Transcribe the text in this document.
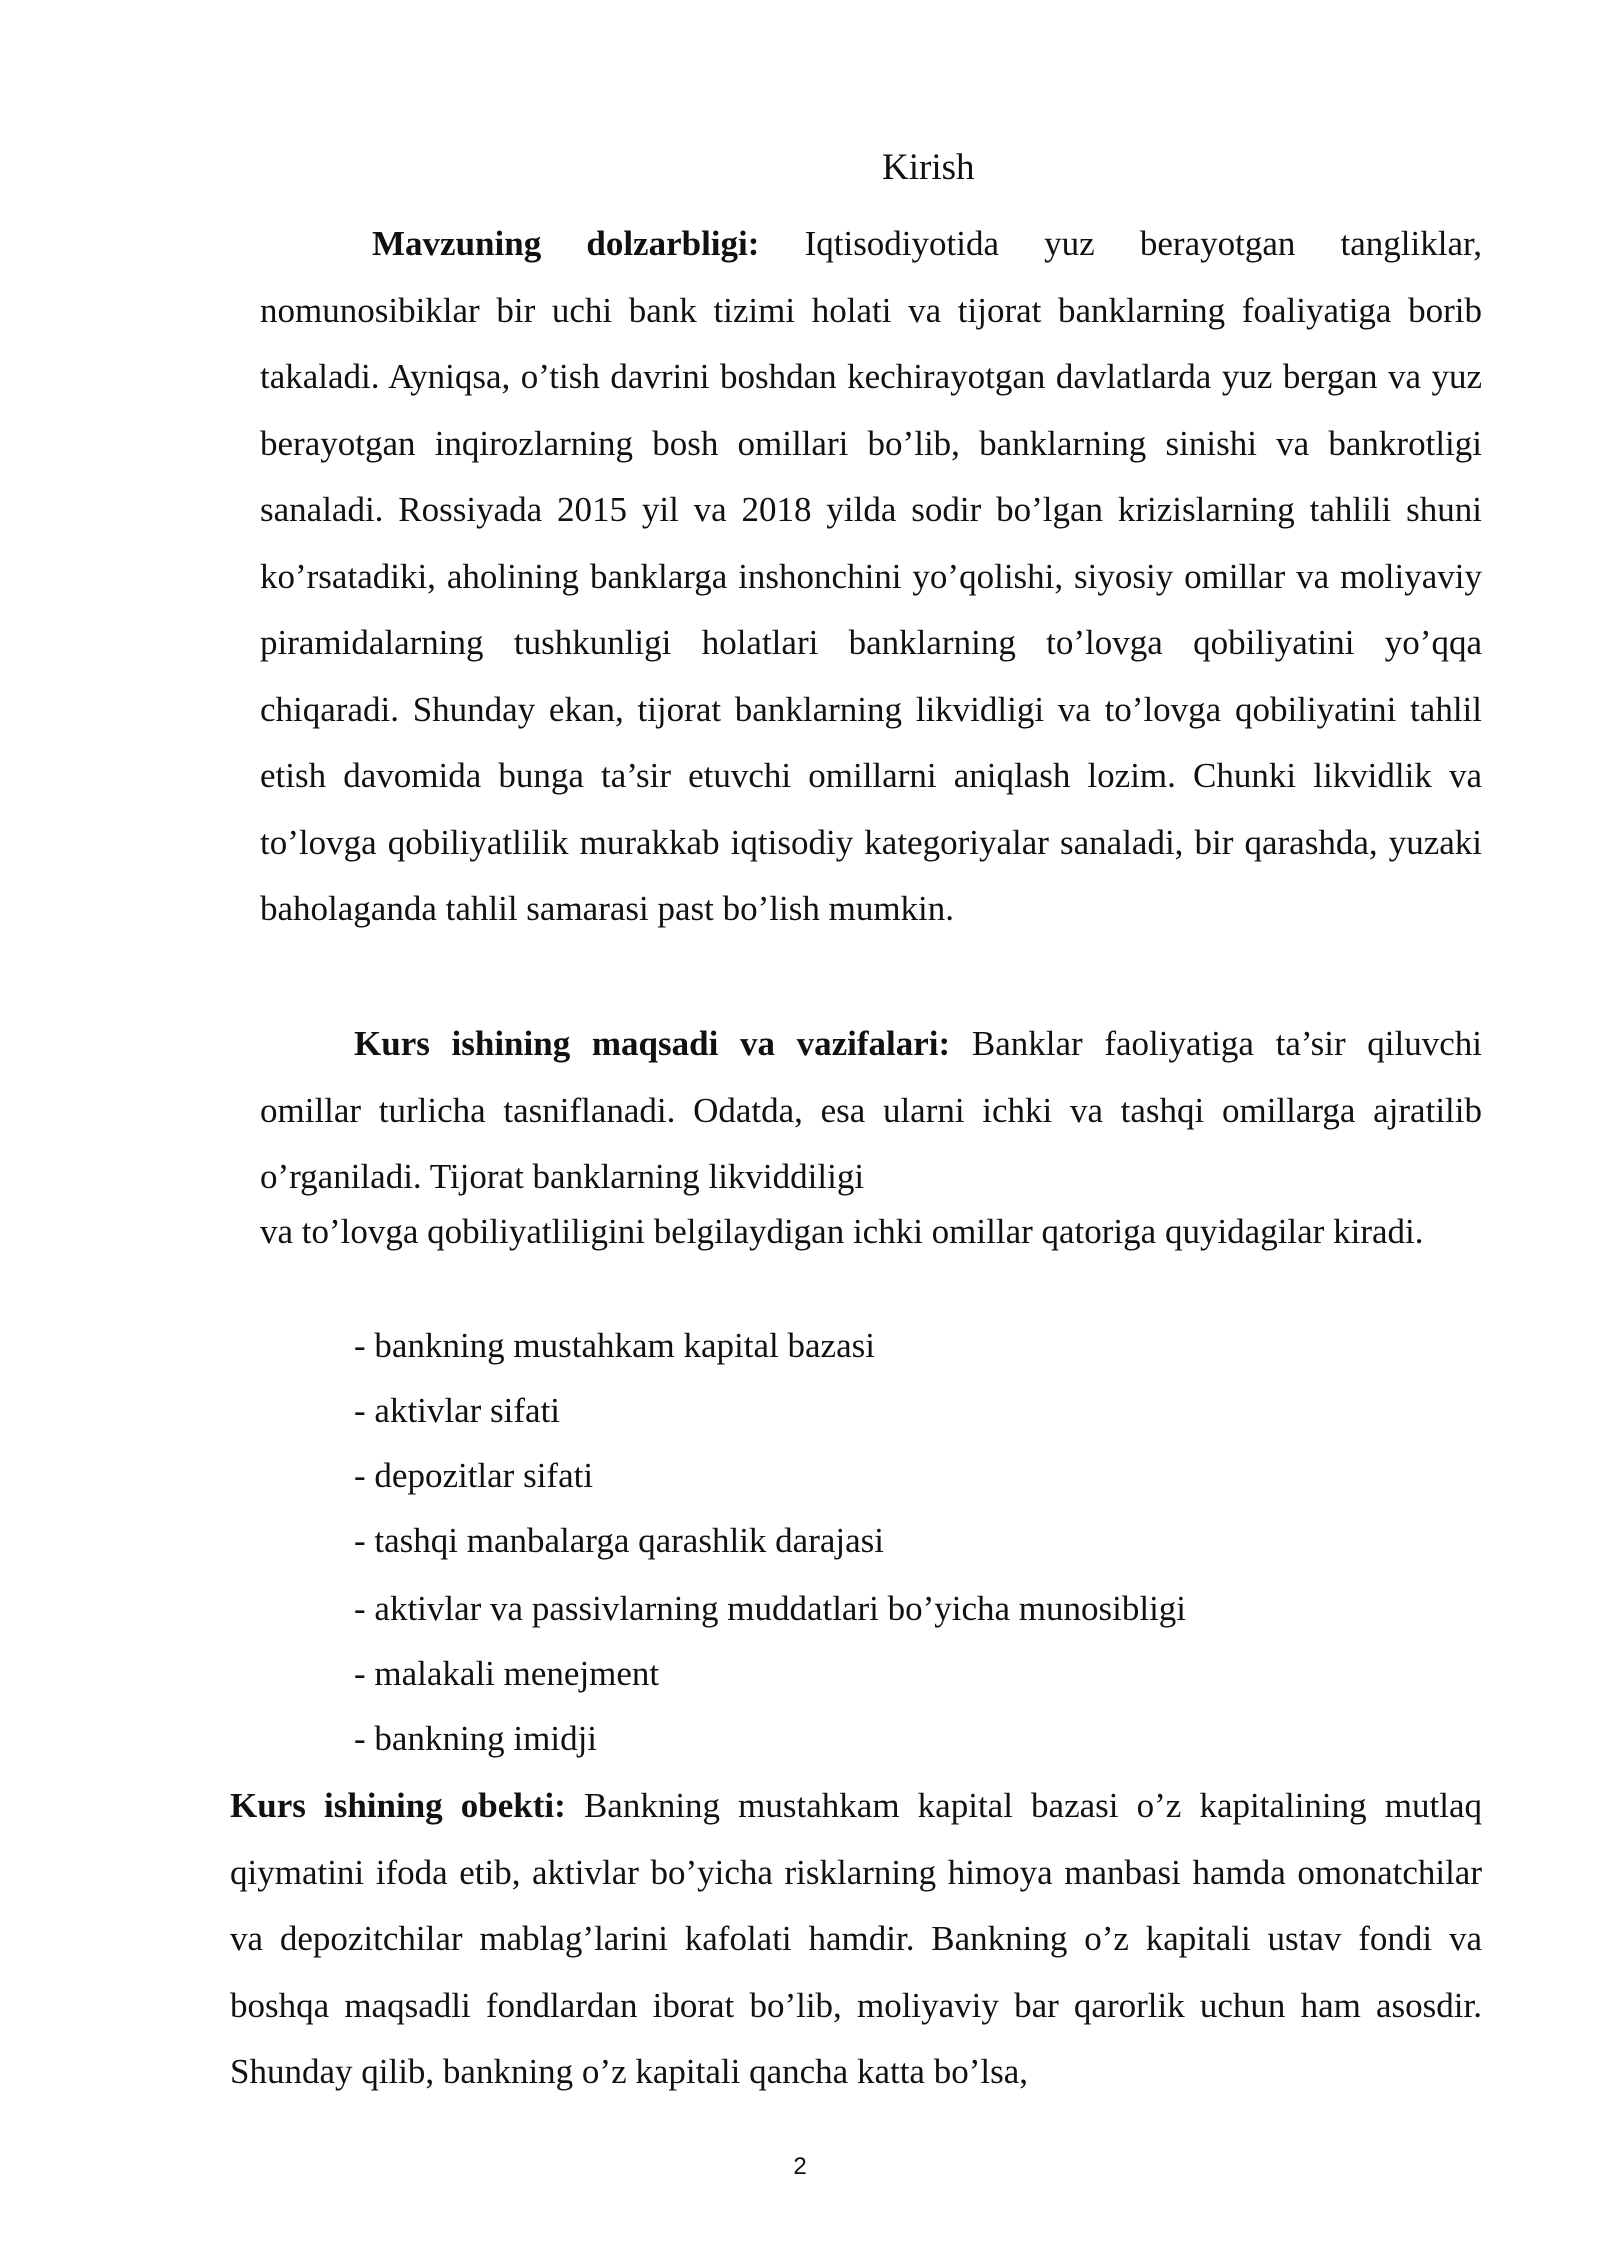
Kirish

Mavzuning dolzarbligi: Iqtisodiyotida yuz berayotgan tangliklar, nomunosibiklar bir uchi bank tizimi holati va tijorat banklarning foaliyatiga borib takaladi. Ayniqsa, o’tish davrini boshdan kechirayotgan davlatlarda yuz bergan va yuz berayotgan inqirozlarning bosh omillari bo’lib, banklarning sinishi va bankrotligi sanaladi. Rossiyada 2015 yil va 2018 yilda sodir bo’lgan krizislarning tahlili shuni ko’rsatadiki, aholining banklarga inshonchini yo’qolishi, siyosiy omillar va moliyaviy piramidalarning tushkunligi holatlari banklarning to’lovga qobiliyatini yo’qqa chiqaradi. Shunday ekan, tijorat banklarning likvidligi va to’lovga qobiliyatini tahlil etish davomida bunga ta’sir etuvchi omillarni aniqlash lozim. Chunki likvidlik va to’lovga qobiliyatlilik murakkab iqtisodiy kategoriyalar sanaladi, bir qarashda, yuzaki baholaganda tahlil samarasi past bo’lish mumkin.

Kurs ishining maqsadi va vazifalari: Banklar faoliyatiga ta’sir qiluvchi omillar turlicha tasniflanadi. Odatda, esa ularni ichki va tashqi omillarga ajratilib o’rganiladi. Tijorat banklarning likviddiligi

va to’lovga qobiliyatliligini belgilaydigan ichki omillar qatoriga quyidagilar kiradi.

- bankning mustahkam kapital bazasi
- aktivlar sifati
- depozitlar sifati
- tashqi manbalarga qarashlik darajasi
- aktivlar va passivlarning muddatlari bo’yicha munosibligi
- malakali menejment
- bankning imidji

Kurs ishining obekti: Bankning mustahkam kapital bazasi o’z kapitalining mutlaq qiymatini ifoda etib, aktivlar bo’yicha risklarning himoya manbasi hamda omonatchilar va depozitchilar mablag’larini kafolati hamdir. Bankning o’z kapitali ustav fondi va boshqa maqsadli fondlardan iborat bo’lib, moliyaviy bar qarorlik uchun ham asosdir. Shunday qilib, bankning o’z kapitali qancha katta bo’lsa,

2
